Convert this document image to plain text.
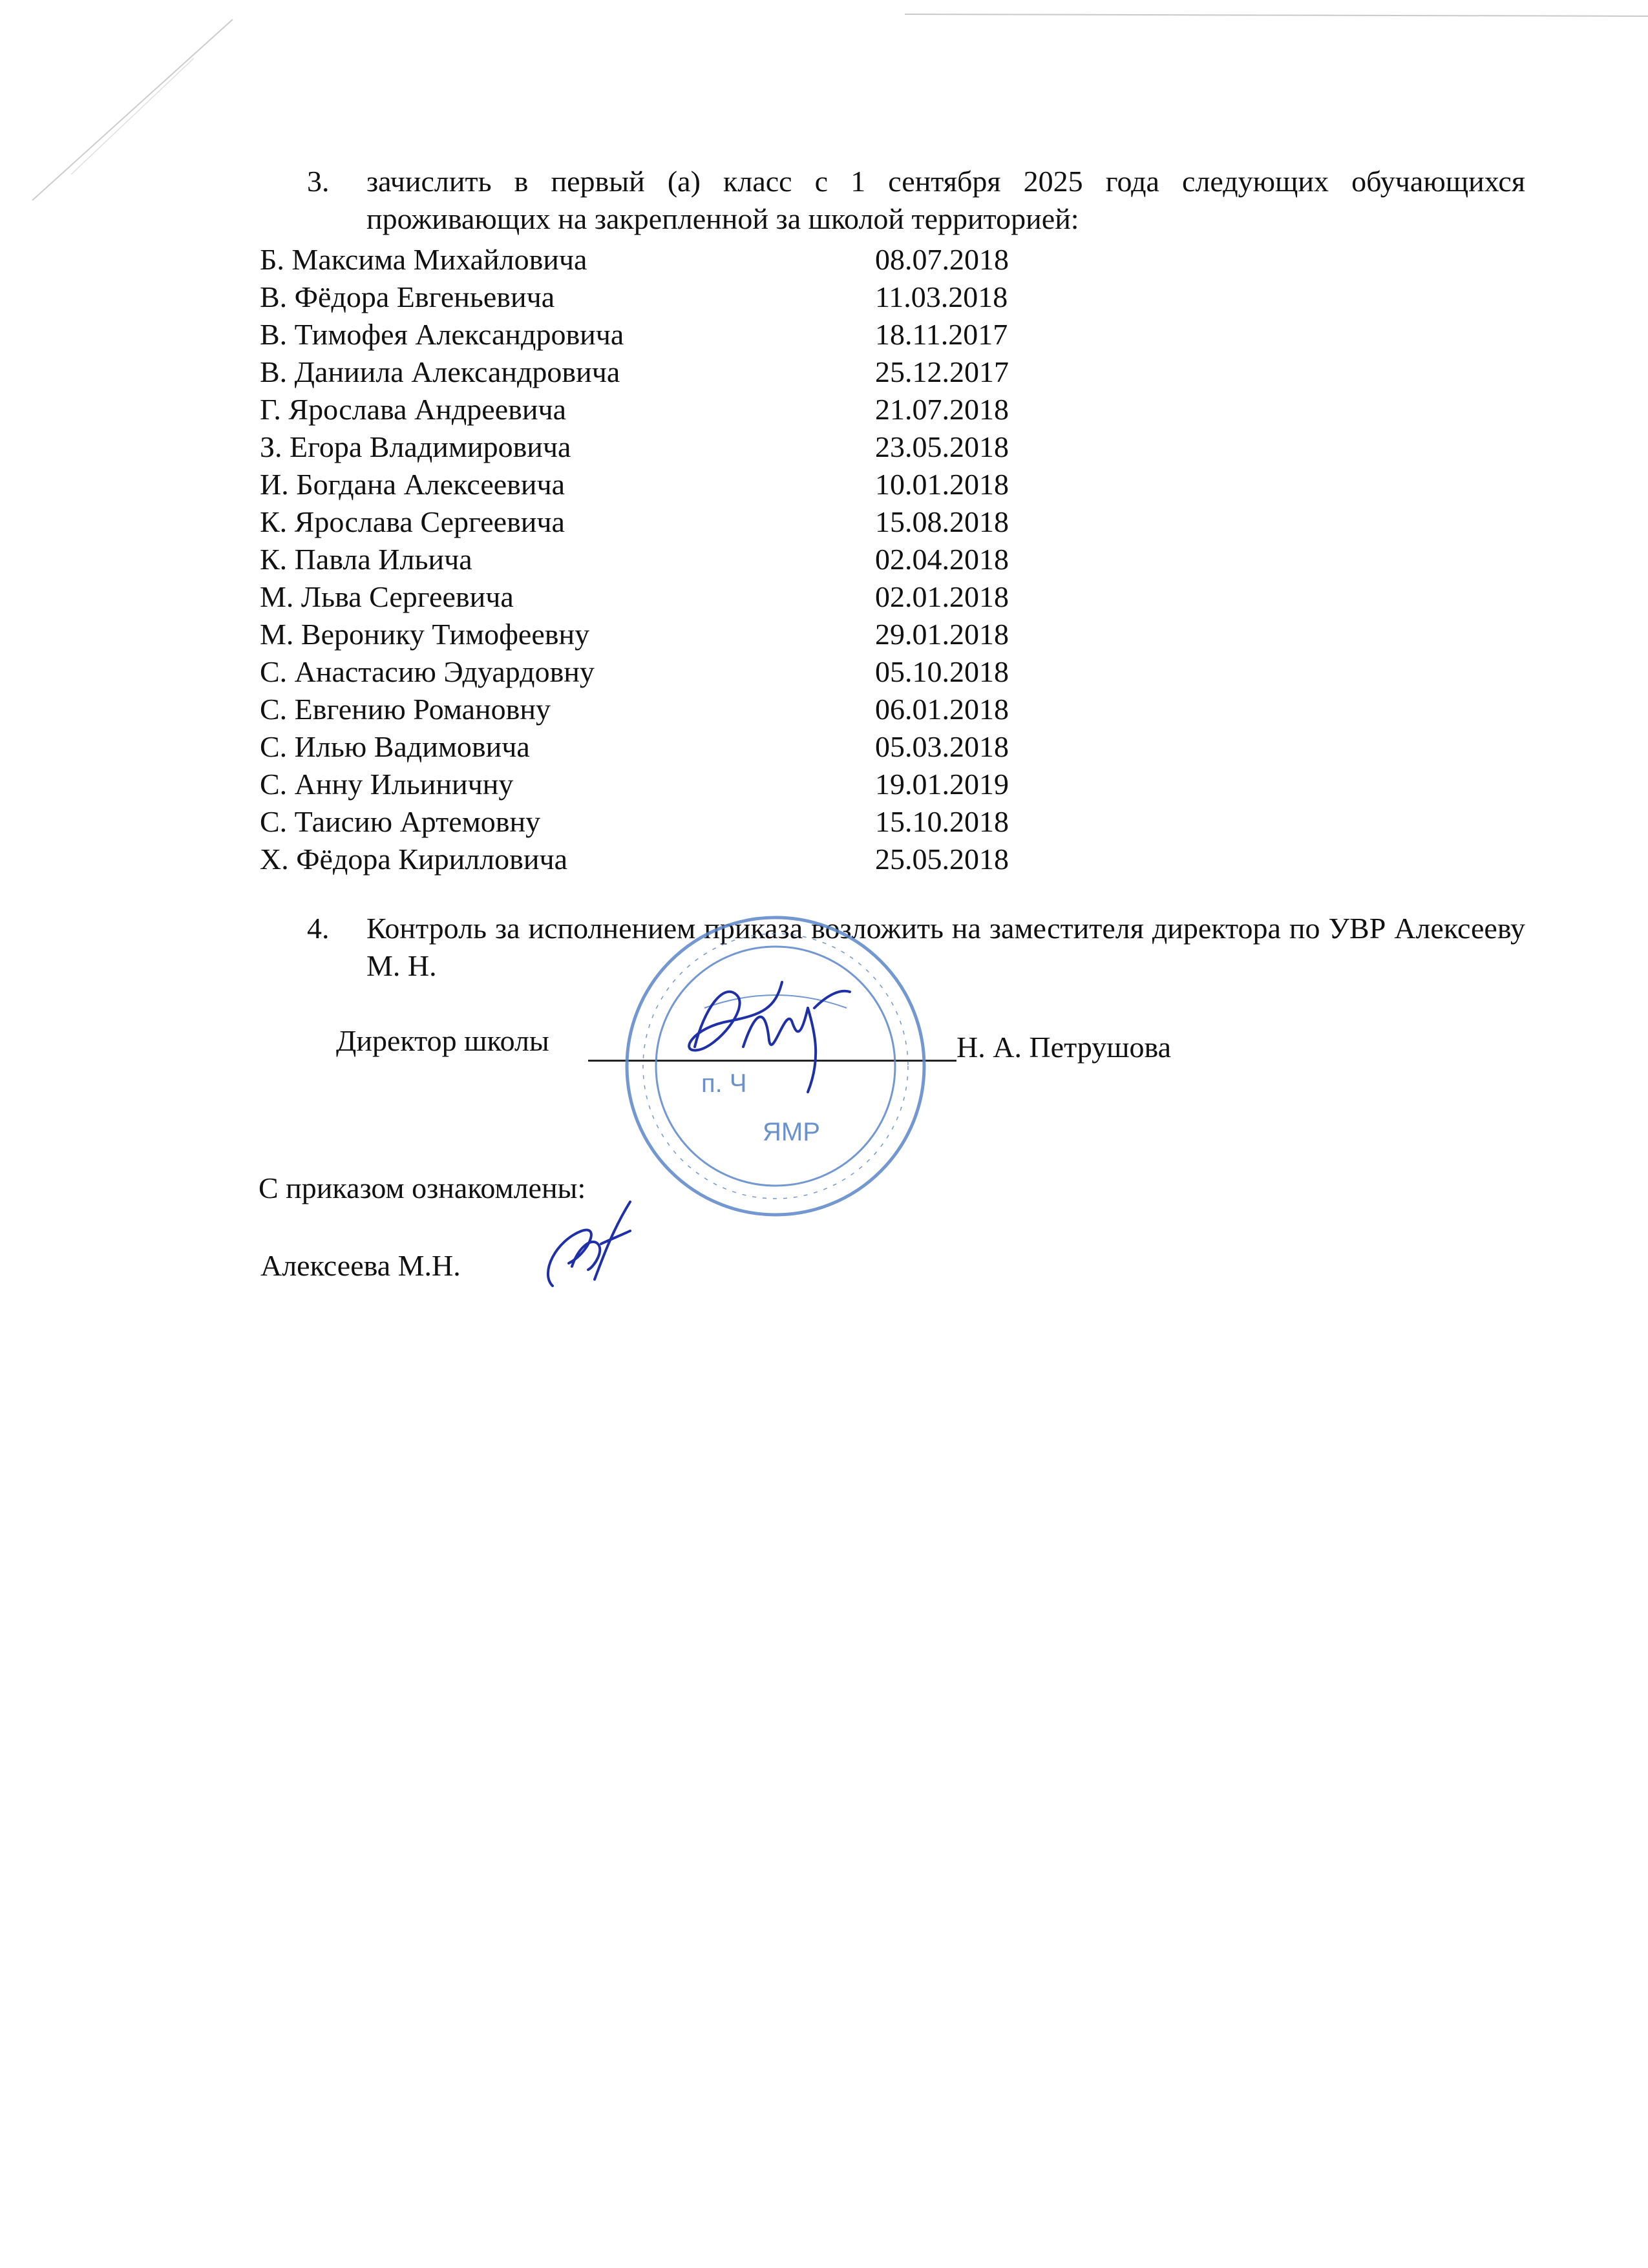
3. зачислить в первый (а) класс с 1 сентября 2025 года следующих обучающихся проживающих на закрепленной за школой территорией:
Б. Максима Михайловича	08.07.2018
В. Фёдора Евгеньевича	11.03.2018
В. Тимофея Александровича	18.11.2017
В. Даниила Александровича	25.12.2017
Г. Ярослава Андреевича	21.07.2018
З. Егора Владимировича	23.05.2018
И. Богдана Алексеевича	10.01.2018
К. Ярослава Сергеевича	15.08.2018
К. Павла Ильича	02.04.2018
М. Льва Сергеевича	02.01.2018
М. Веронику Тимофеевну	29.01.2018
С. Анастасию Эдуардовну	05.10.2018
С. Евгению Романовну	06.01.2018
С. Илью Вадимовича	05.03.2018
С. Анну Ильиничну	19.01.2019
С. Таисию Артемовну	15.10.2018
Х. Фёдора Кирилловича	25.05.2018
4. Контроль за исполнением приказа возложить на заместителя директора по УВР Алексееву М. Н.
Директор школы	Н. А. Петрушова
п. Ч
ЯМР
С приказом ознакомлены:
Алексеева М.Н.
